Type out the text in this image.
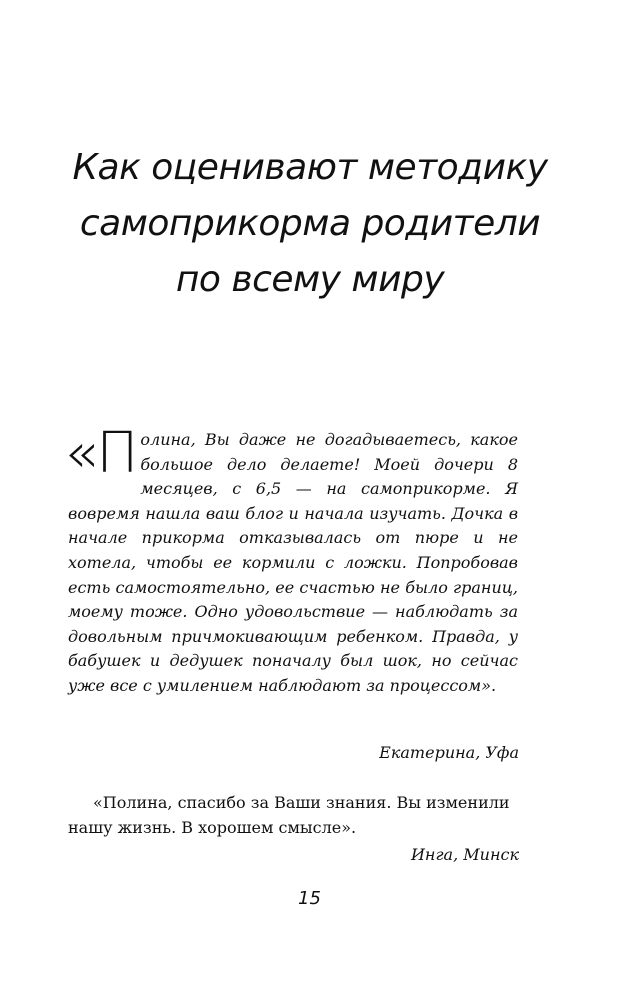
Как оценивают методику
самоприкорма родители
по всему миру
«П олина, Вы даже не догадываетесь, какое большое дело делаете! Моей дочери 8 месяцев, с 6,5 — на самоприкорме. Я вовремя нашла ваш блог и начала изучать. Дочка в начале прикорма отказывалась от пюре и не хотела, чтобы ее кормили с ложки. Попробовав есть самостоятельно, ее счастью не было границ, моему тоже. Одно удовольствие — наблюдать за довольным причмокивающим ребенком. Правда, у бабушек и дедушек поначалу был шок, но сейчас уже все с умилением наблюдают за процессом».
Екатерина, Уфа
«Полина, спасибо за Ваши знания. Вы изменили
нашу жизнь. В хорошем смысле».
Инга, Минск
15
